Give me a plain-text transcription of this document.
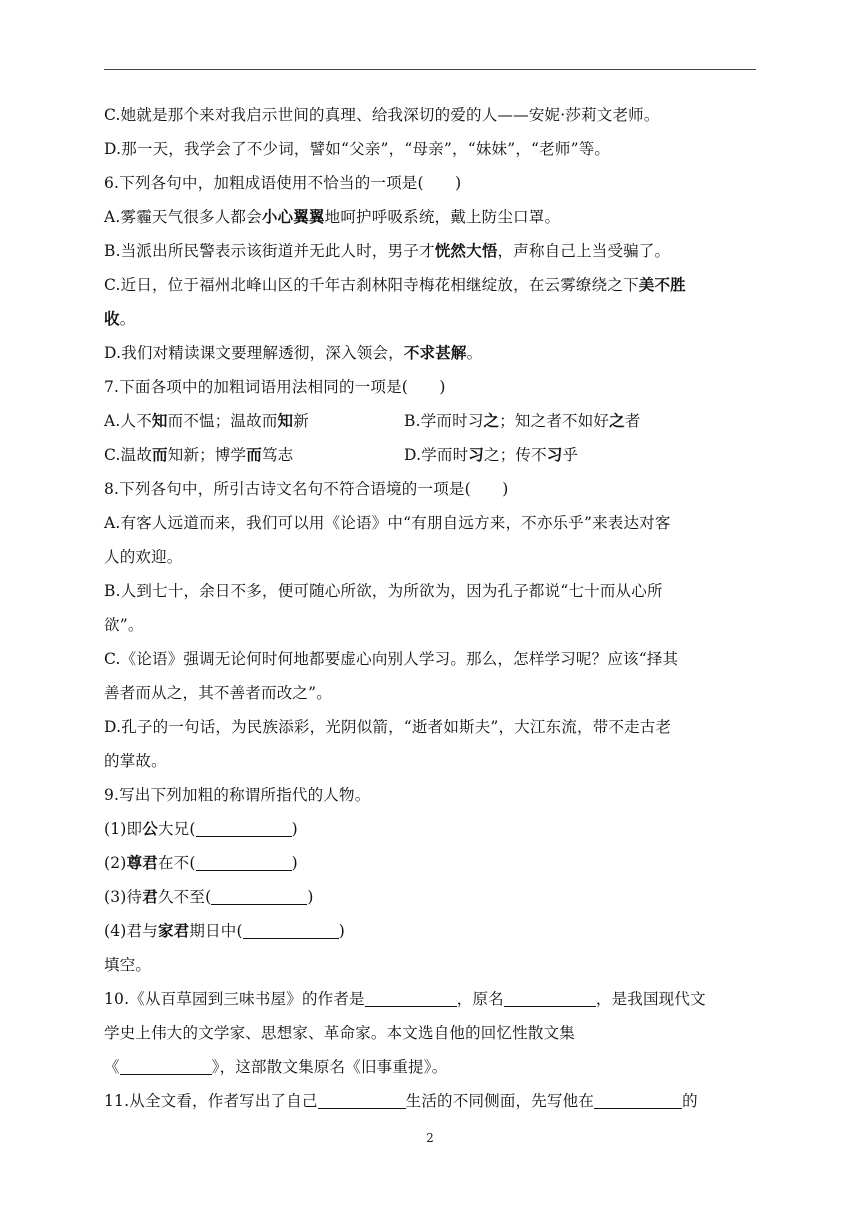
C.她就是那个来对我启示世间的真理、给我深切的爱的人——安妮·莎莉文老师。
D.那一天，我学会了不少词，譬如“父亲”，“母亲”，“妹妹”，“老师”等。
6.下列各句中，加粗成语使用不恰当的一项是(　　)
A.雾霾天气很多人都会小心翼翼地呵护呼吸系统，戴上防尘口罩。
B.当派出所民警表示该街道并无此人时，男子才恍然大悟，声称自己上当受骗了。
C.近日，位于福州北峰山区的千年古刹林阳寺梅花相继绽放，在云雾缭绕之下美不胜
收。
D.我们对精读课文要理解透彻，深入领会，不求甚解。
7.下面各项中的加粗词语用法相同的一项是(　　)
A.人不知而不愠；温故而知新	B.学而时习之；知之者不如好之者
C.温故而知新；博学而笃志	D.学而时习之；传不习乎
8.下列各句中，所引古诗文名句不符合语境的一项是(　　)
A.有客人远道而来，我们可以用《论语》中“有朋自远方来，不亦乐乎”来表达对客
人的欢迎。
B.人到七十，余日不多，便可随心所欲，为所欲为，因为孔子都说“七十而从心所
欲”。
C.《论语》强调无论何时何地都要虚心向别人学习。那么，怎样学习呢？应该“择其
善者而从之，其不善者而改之”。
D.孔子的一句话，为民族添彩，光阴似箭，“逝者如斯夫”，大江东流，带不走古老
的掌故。
9.写出下列加粗的称谓所指代的人物。
(1)即公大兄(	)
(2)尊君在不(	)
(3)待君久不至(	)
(4)君与家君期日中(	)
填空。
10.《从百草园到三味书屋》的作者是	，原名	，是我国现代文
学史上伟大的文学家、思想家、革命家。本文选自他的回忆性散文集
《	》，这部散文集原名《旧事重提》。
11.从全文看，作者写出了自己	生活的不同侧面，先写他在	的
2
